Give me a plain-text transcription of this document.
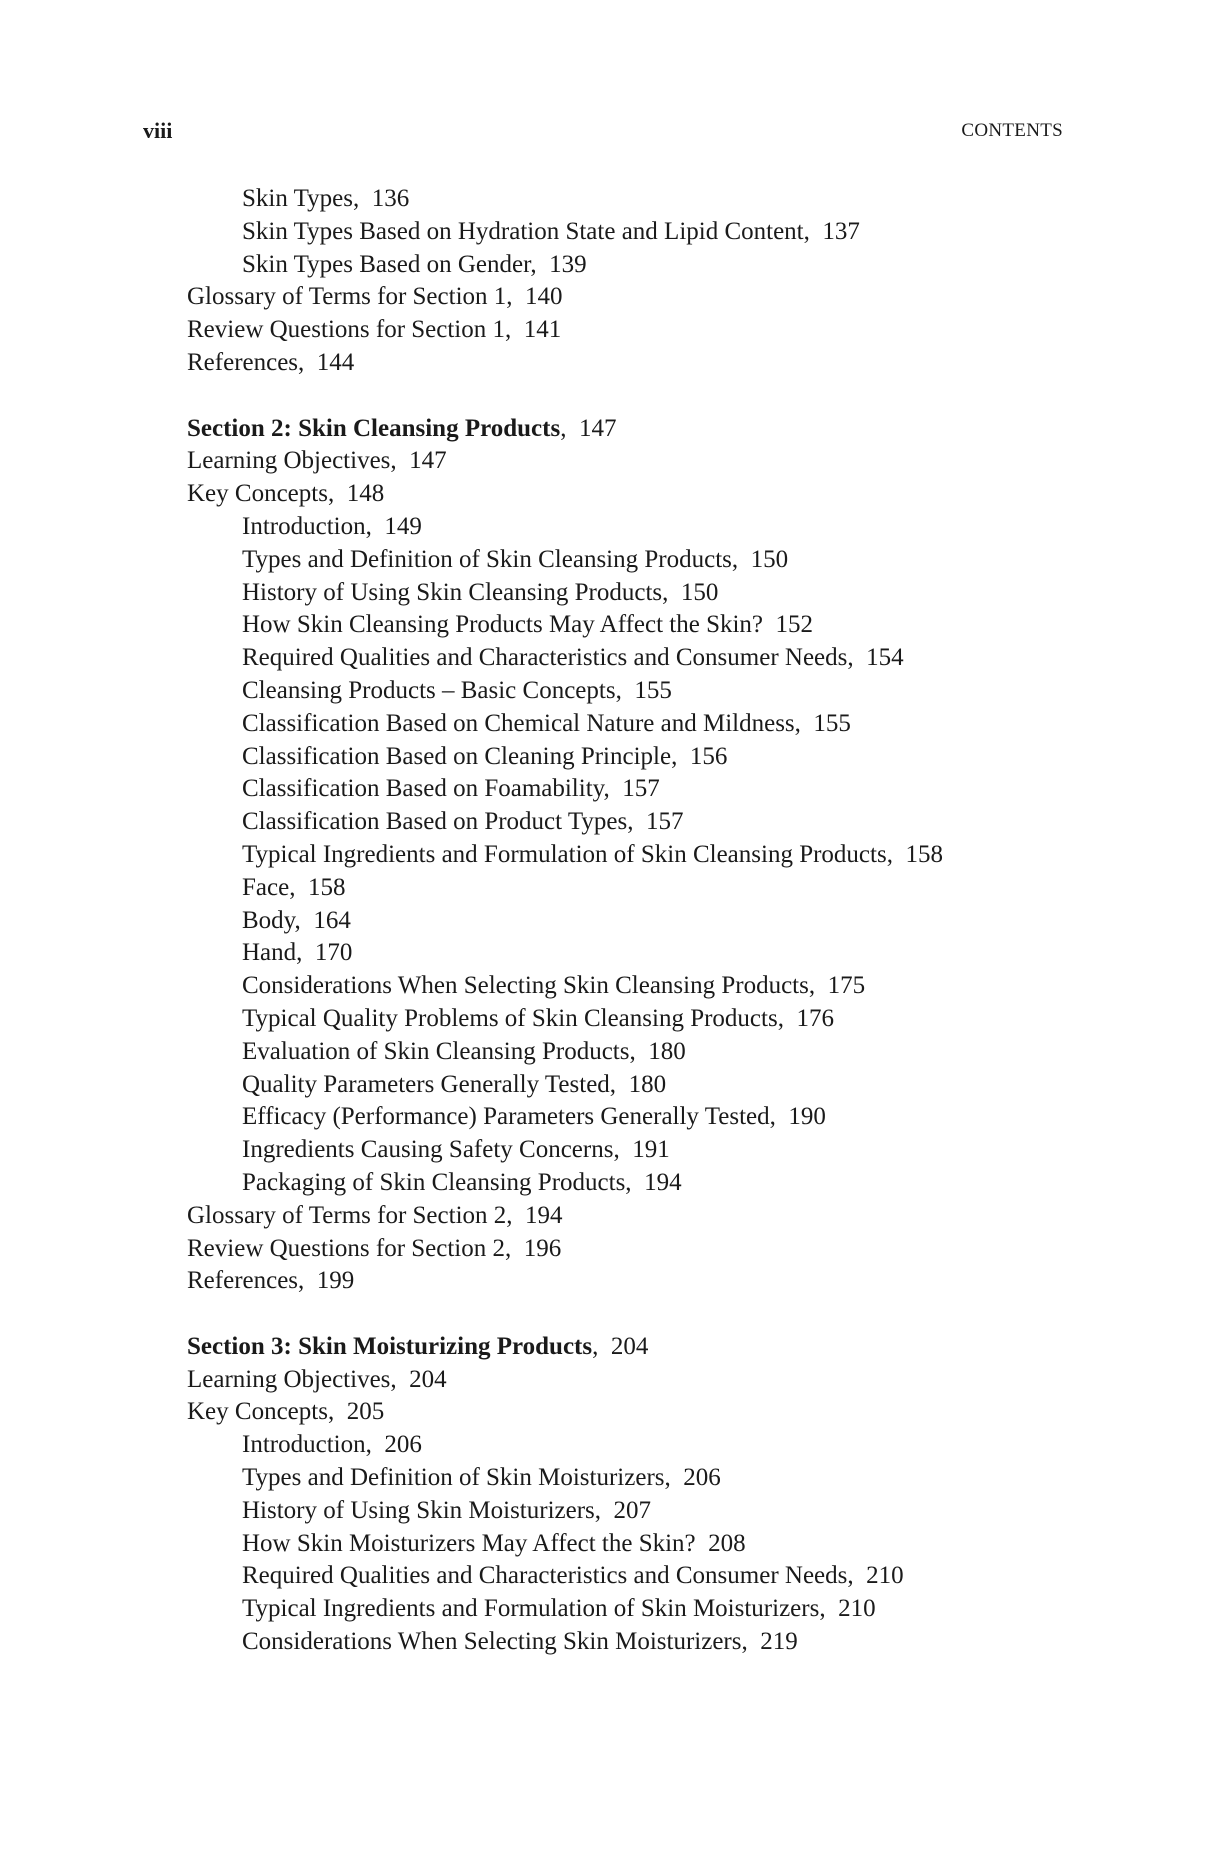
viii	CONTENTS
Skin Types, 136
Skin Types Based on Hydration State and Lipid Content, 137
Skin Types Based on Gender, 139
Glossary of Terms for Section 1, 140
Review Questions for Section 1, 141
References, 144
Section 2: Skin Cleansing Products,  147
Learning Objectives, 147
Key Concepts, 148
Introduction, 149
Types and Definition of Skin Cleansing Products, 150
History of Using Skin Cleansing Products, 150
How Skin Cleansing Products May Affect the Skin? 152
Required Qualities and Characteristics and Consumer Needs, 154
Cleansing Products – Basic Concepts, 155
Classification Based on Chemical Nature and Mildness, 155
Classification Based on Cleaning Principle, 156
Classification Based on Foamability, 157
Classification Based on Product Types, 157
Typical Ingredients and Formulation of Skin Cleansing Products, 158
Face, 158
Body, 164
Hand, 170
Considerations When Selecting Skin Cleansing Products, 175
Typical Quality Problems of Skin Cleansing Products, 176
Evaluation of Skin Cleansing Products, 180
Quality Parameters Generally Tested, 180
Efficacy (Performance) Parameters Generally Tested, 190
Ingredients Causing Safety Concerns, 191
Packaging of Skin Cleansing Products, 194
Glossary of Terms for Section 2, 194
Review Questions for Section 2, 196
References, 199
Section 3: Skin Moisturizing Products,  204
Learning Objectives, 204
Key Concepts, 205
Introduction, 206
Types and Definition of Skin Moisturizers, 206
History of Using Skin Moisturizers, 207
How Skin Moisturizers May Affect the Skin? 208
Required Qualities and Characteristics and Consumer Needs, 210
Typical Ingredients and Formulation of Skin Moisturizers, 210
Considerations When Selecting Skin Moisturizers, 219
